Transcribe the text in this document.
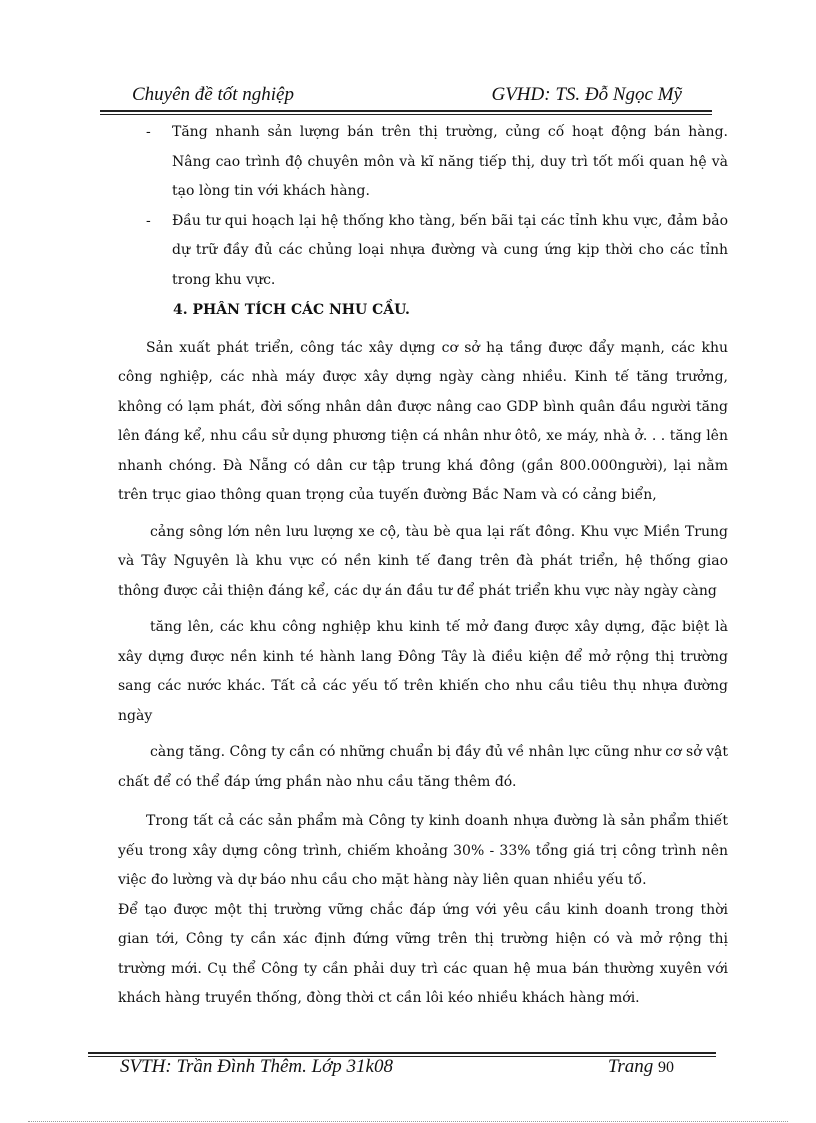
Chuyên đề tốt nghiệp	GVHD: TS. Đỗ Ngọc Mỹ
- Tăng nhanh sản lượng bán trên thị trường, củng cố hoạt động bán hàng. Nâng cao trình độ chuyên môn và kĩ năng tiếp thị, duy trì tốt mối quan hệ và tạo lòng tin với khách hàng.
- Đầu tư qui hoạch lại hệ thống kho tàng, bến bãi tại các tỉnh khu vực, đảm bảo dự trữ đầy đủ các chủng loại nhựa đường và cung ứng kịp thời cho các tỉnh trong khu vực.
4. PHÂN TÍCH CÁC NHU CẦU.
Sản xuất phát triển, công tác xây dựng cơ sở hạ tầng được đẩy mạnh, các khu công nghiệp, các nhà máy được xây dựng ngày càng nhiều. Kinh tế tăng trưởng, không có lạm phát, đời sống nhân dân được nâng cao GDP bình quân đầu người tăng lên đáng kể, nhu cầu sử dụng phương tiện cá nhân như ôtô, xe máy, nhà ở. . . tăng lên nhanh chóng. Đà Nẵng có dân cư tập trung khá đông (gần 800.000người), lại nằm trên trục giao thông quan trọng của tuyến đường Bắc Nam và có cảng biển,
cảng sông lớn nên lưu lượng xe cộ, tàu bè qua lại rất đông. Khu vực Miền Trung và Tây Nguyên là khu vực có nền kinh tế đang trên đà phát triển, hệ thống giao thông được cải thiện đáng kể, các dự án đầu tư để phát triển khu vực này ngày càng
tăng lên, các khu công nghiệp khu kinh tế mở đang được xây dựng, đặc biệt là xây dựng được nền kinh té hành lang Đông Tây là điều kiện để mở rộng thị trường sang các nước khác. Tất cả các yếu tố trên khiến cho nhu cầu tiêu thụ nhựa đường ngày
càng tăng. Công ty cần có những chuẩn bị đầy đủ về nhân lực cũng như cơ sở vật chất để có thể đáp ứng phần nào nhu cầu tăng thêm đó.
Trong tất cả các sản phẩm mà Công ty kinh doanh nhựa đường là sản phẩm thiết yếu trong xây dựng công trình, chiếm khoảng 30% - 33% tổng giá trị công trình nên việc đo lường và dự báo nhu cầu cho mặt hàng này liên quan nhiều yếu tố.
Để tạo được một thị trường vững chắc đáp ứng với yêu cầu kinh doanh trong thời gian tới, Công ty cần xác định đứng vững trên thị trường hiện có và mở rộng thị trường mới. Cụ thể Công ty cần phải duy trì các quan hệ mua bán thường xuyên với khách hàng truyền thống, đòng thời ct cần lôi kéo nhiều khách hàng mới.
SVTH: Trần Đình Thêm. Lớp 31k08	Trang 90
